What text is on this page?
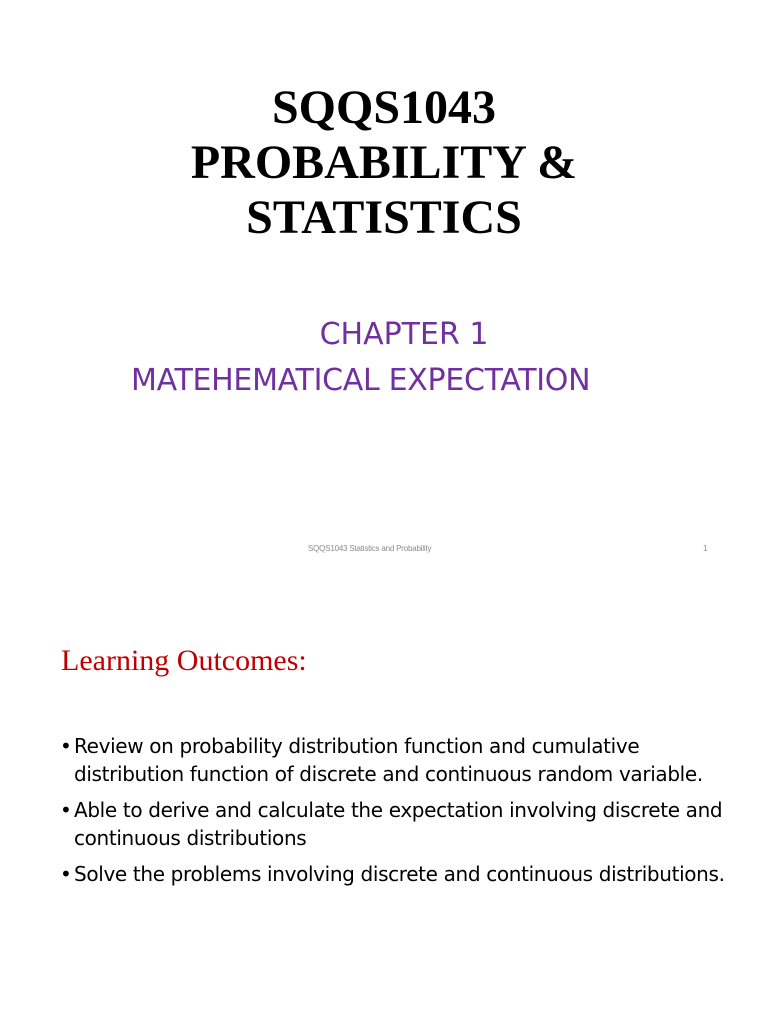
SQQS1043
PROBABILITY &
STATISTICS
CHAPTER 1
MATEHEMATICAL EXPECTATION
SQQS1043 Statistics and Probability	1
Learning Outcomes:
• Review on probability distribution function and cumulative distribution function of discrete and continuous random variable.
• Able to derive and calculate the expectation involving discrete and continuous distributions
• Solve the problems involving discrete and continuous distributions.
